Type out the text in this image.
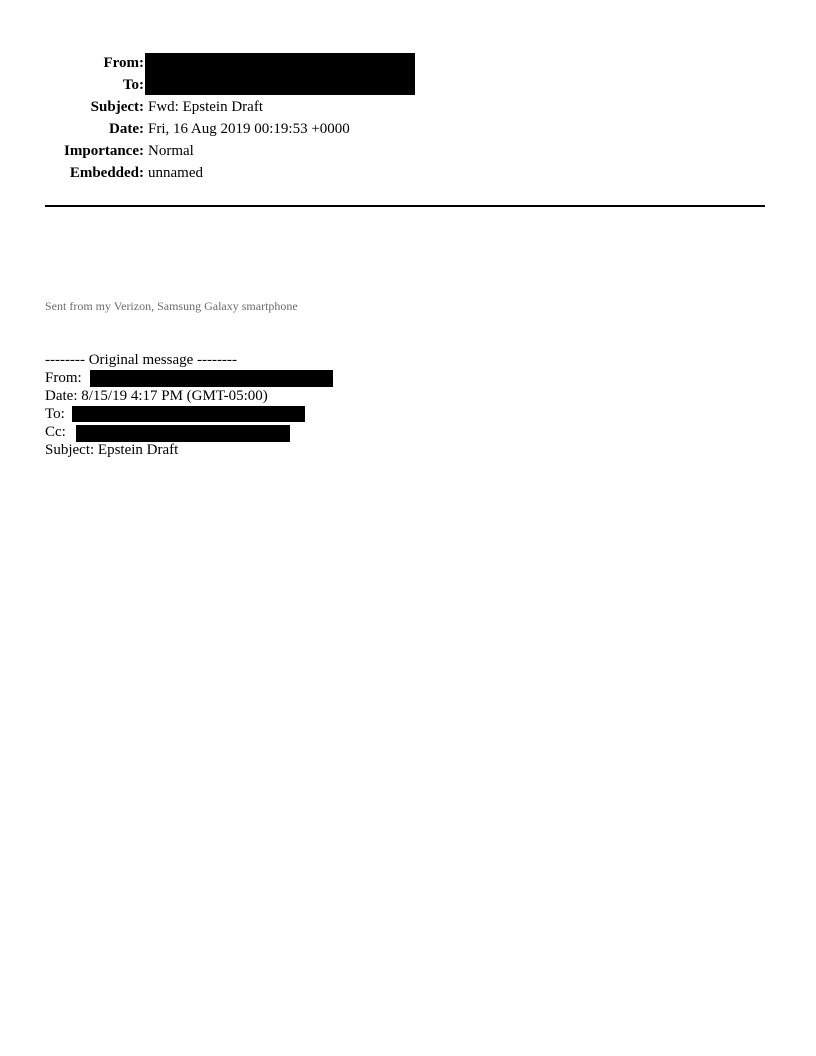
From:
To:
Subject: Fwd: Epstein Draft
Date: Fri, 16 Aug 2019 00:19:53 +0000
Importance: Normal
Embedded: unnamed
Sent from my Verizon, Samsung Galaxy smartphone
-------- Original message --------
From:
Date: 8/15/19 4:17 PM (GMT-05:00)
To:
Cc:
Subject: Epstein Draft
